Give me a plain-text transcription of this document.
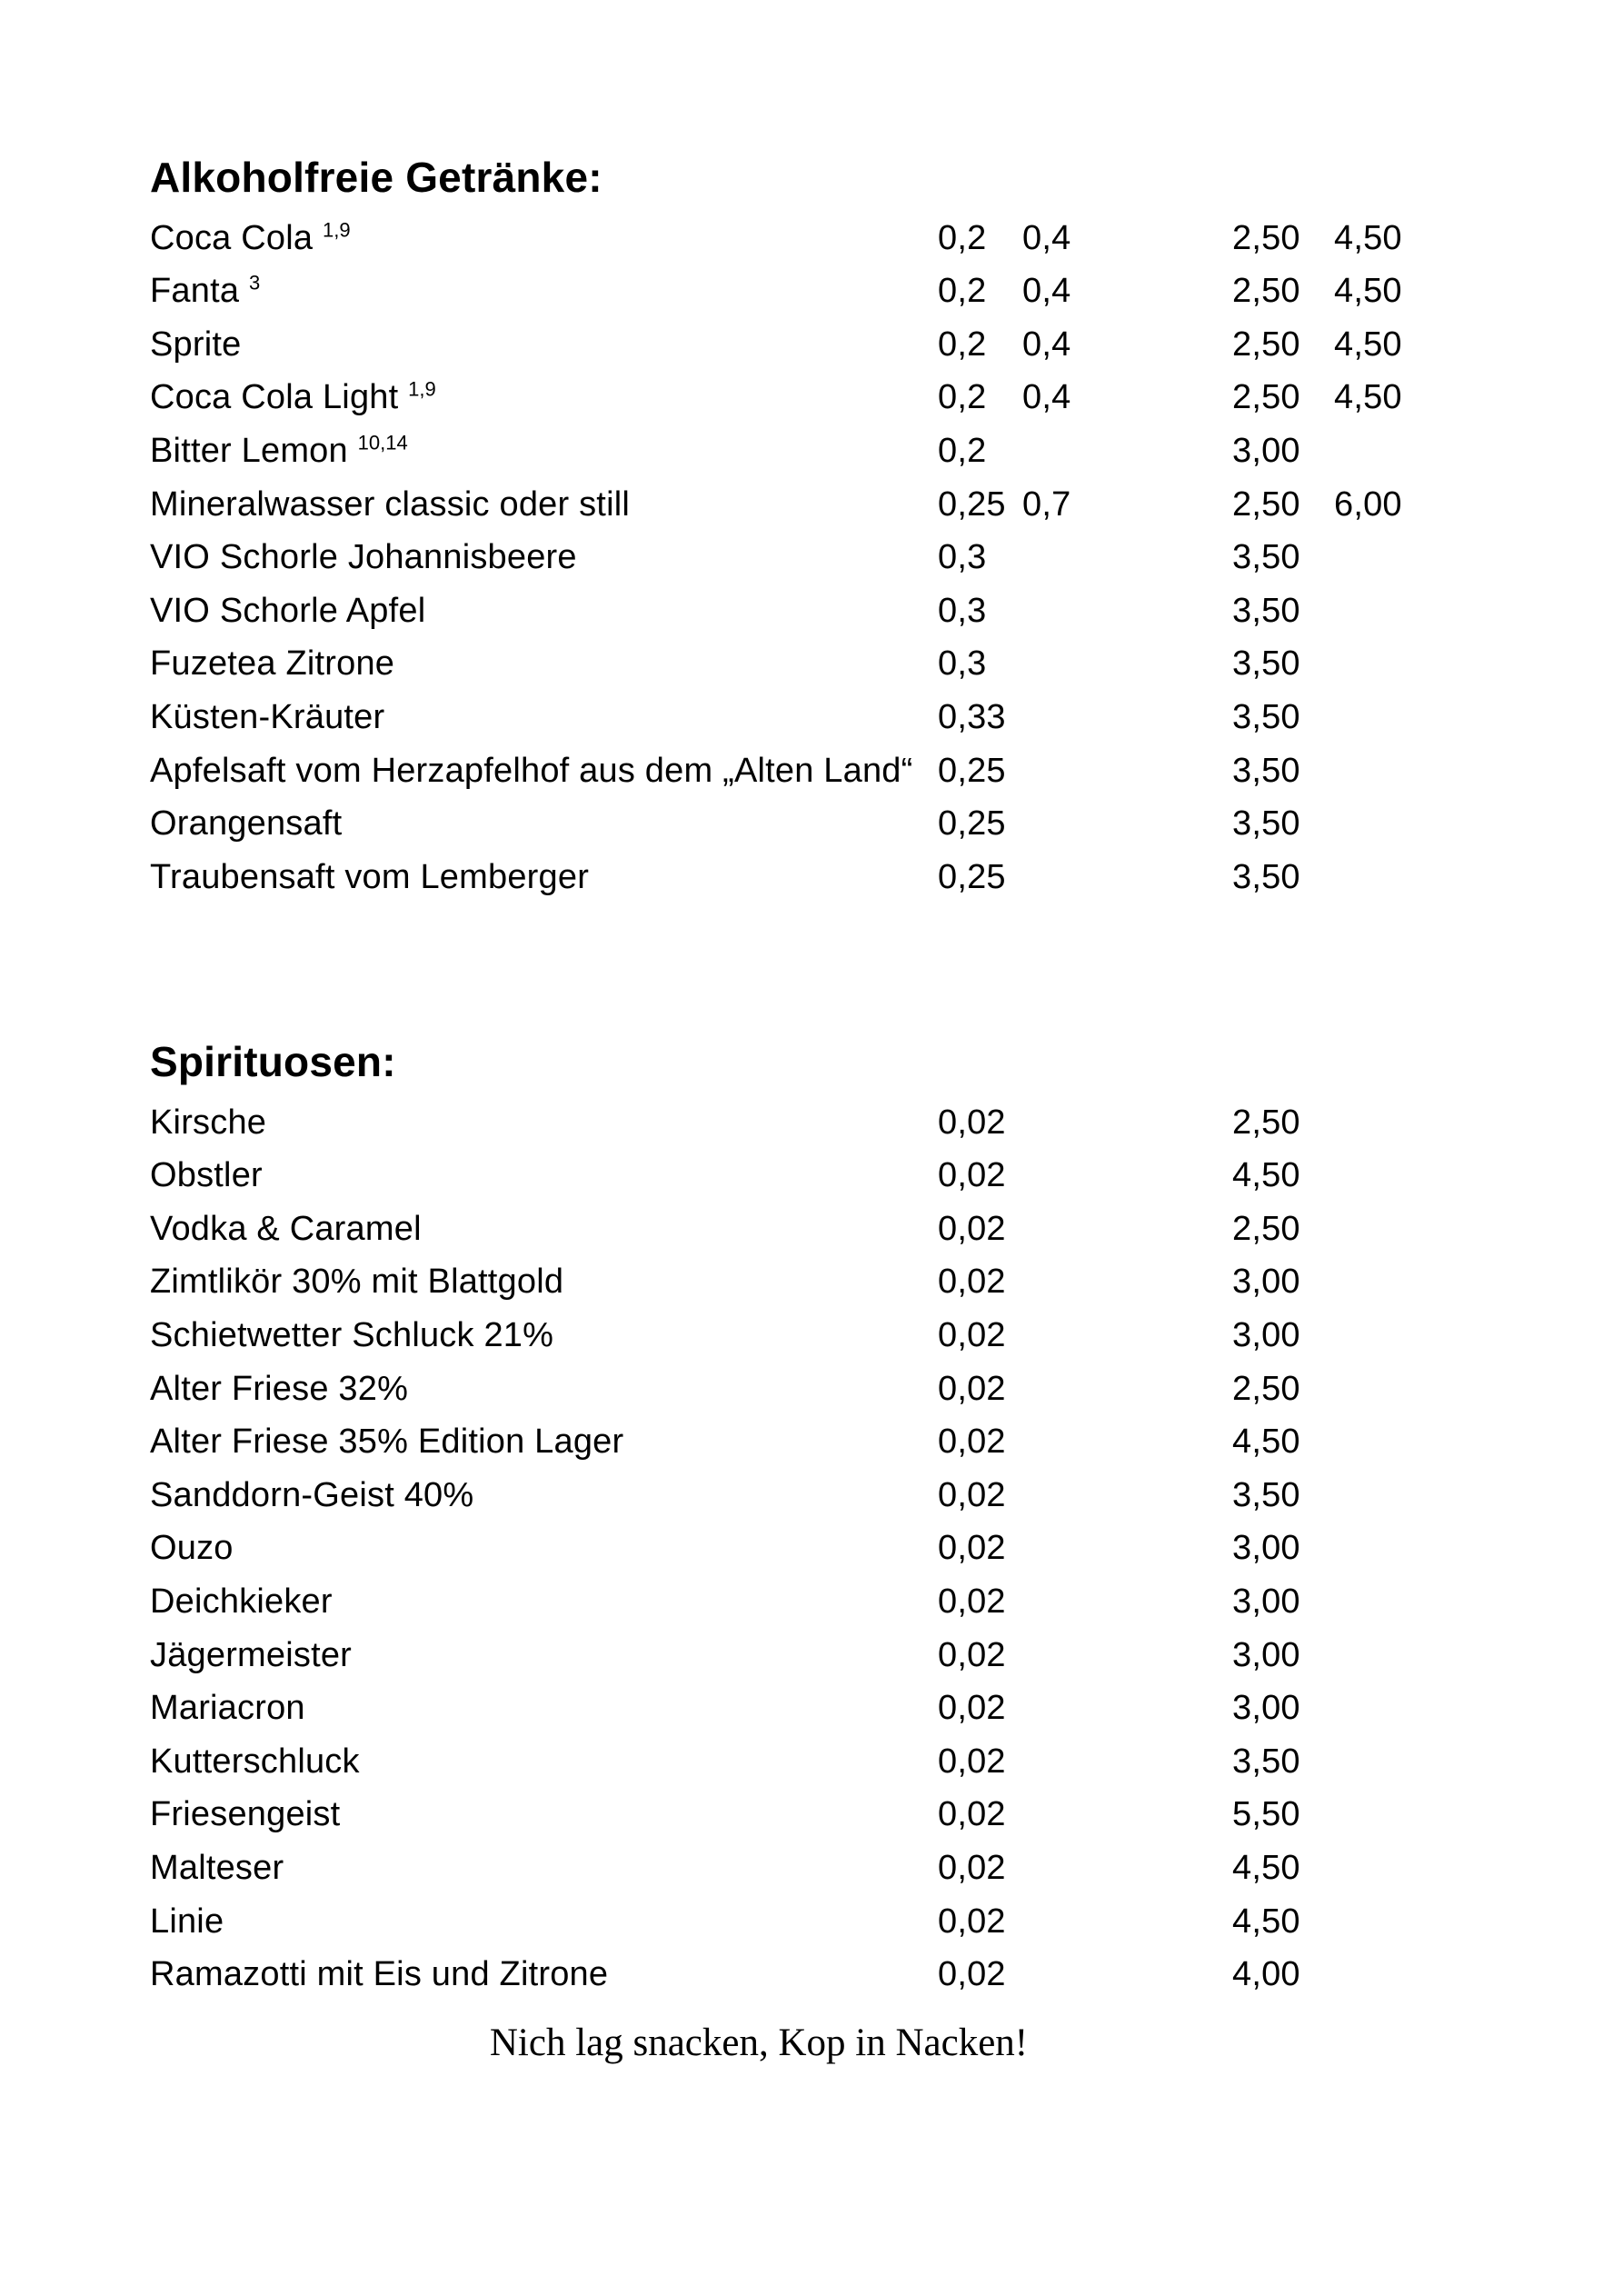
Alkoholfreie Getränke:
Coca Cola $^{1,9}$	0,2	0,4	2,50 4,50
Fanta $^3$	0,2	0,4	2,50 4,50
Sprite	0,2	0,4	2,50 4,50
Coca Cola Light $^{1,9}$	0,2	0,4	2,50 4,50
Bitter Lemon $^{10,14}$	0,2	3,00
Mineralwasser classic oder still	0,25 0,7	2,50 6,00
VIO Schorle Johannisbeere	0,3	3,50
VIO Schorle Apfel	0,3	3,50
Fuzetea Zitrone	0,3	3,50
Küsten-Kräuter	0,33	3,50
Apfelsaft vom Herzapfelhof aus dem „Alten Land“ 0,25	3,50
Orangensaft	0,25	3,50
Traubensaft vom Lemberger	0,25	3,50
Spirituosen:
Kirsche	0,02	2,50
Obstler	0,02	4,50
Vodka & Caramel	0,02	2,50
Zimtlikör 30% mit Blattgold	0,02	3,00
Schietwetter Schluck 21%	0,02	3,00
Alter Friese 32%	0,02	2,50
Alter Friese 35% Edition Lager	0,02	4,50
Sanddorn-Geist 40%	0,02	3,50
Ouzo	0,02	3,00
Deichkieker	0,02	3,00
Jägermeister	0,02	3,00
Mariacron	0,02	3,00
Kutterschluck	0,02	3,50
Friesengeist	0,02	5,50
Malteser	0,02	4,50
Linie	0,02	4,50
Ramazotti mit Eis und Zitrone	0,02	4,00
Nich lag snacken, Kop in Nacken!
